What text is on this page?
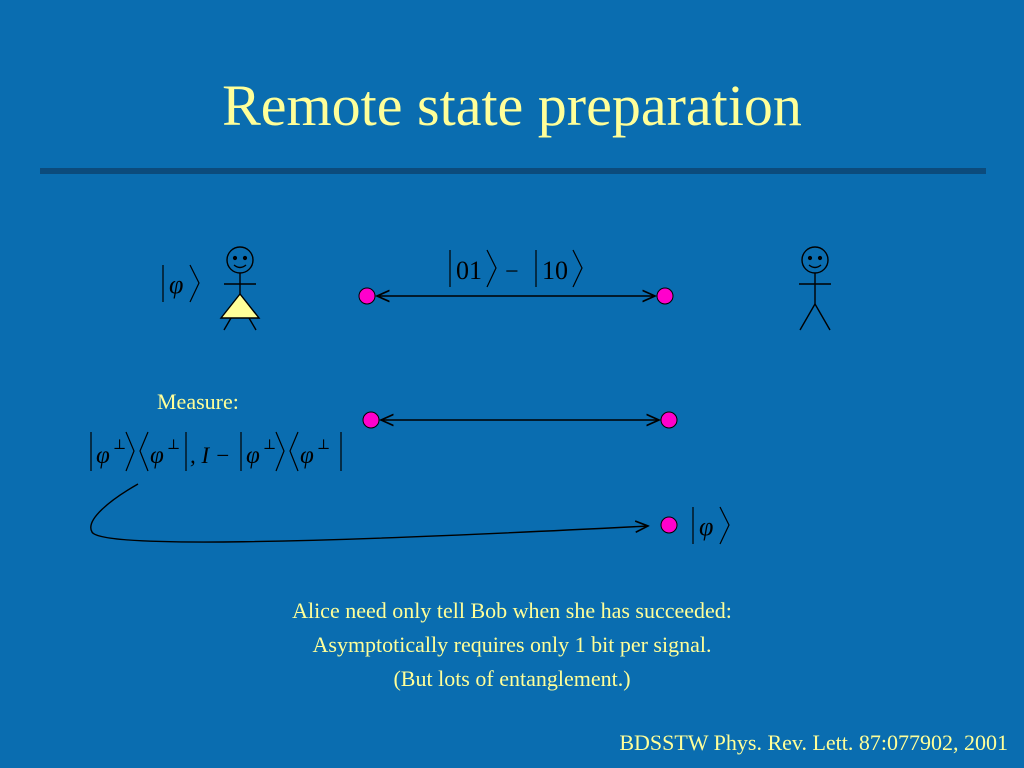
Remote state preparation
φ	01 − 10
φ ⊥ φ ⊥ , I − φ ⊥ φ ⊥
φ
Measure:
Alice need only tell Bob when she has succeeded:
Asymptotically requires only 1 bit per signal.
(But lots of entanglement.)
BDSSTW Phys. Rev. Lett. 87:077902, 2001
